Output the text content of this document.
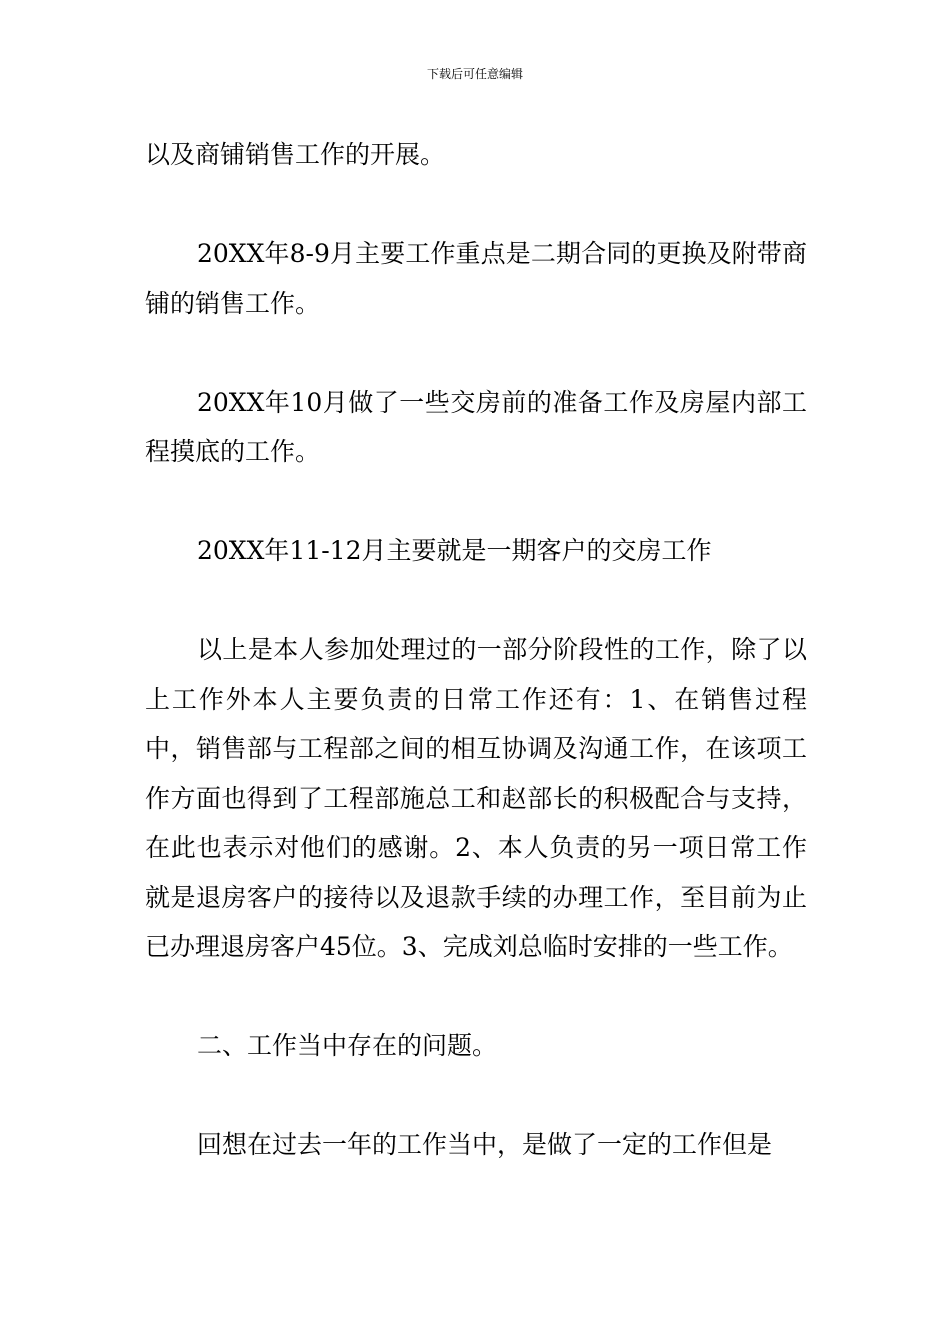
下载后可任意编辑

以及商铺销售工作的开展。

20XX年8-9月主要工作重点是二期合同的更换及附带商铺的销售工作。

20XX年10月做了一些交房前的准备工作及房屋内部工程摸底的工作。

20XX年11-12月主要就是一期客户的交房工作

以上是本人参加处理过的一部分阶段性的工作，除了以上工作外本人主要负责的日常工作还有：1、在销售过程中，销售部与工程部之间的相互协调及沟通工作，在该项工作方面也得到了工程部施总工和赵部长的积极配合与支持，在此也表示对他们的感谢。2、本人负责的另一项日常工作就是退房客户的接待以及退款手续的办理工作，至目前为止已办理退房客户45位。3、完成刘总临时安排的一些工作。

二、工作当中存在的问题。

回想在过去一年的工作当中，是做了一定的工作但是
